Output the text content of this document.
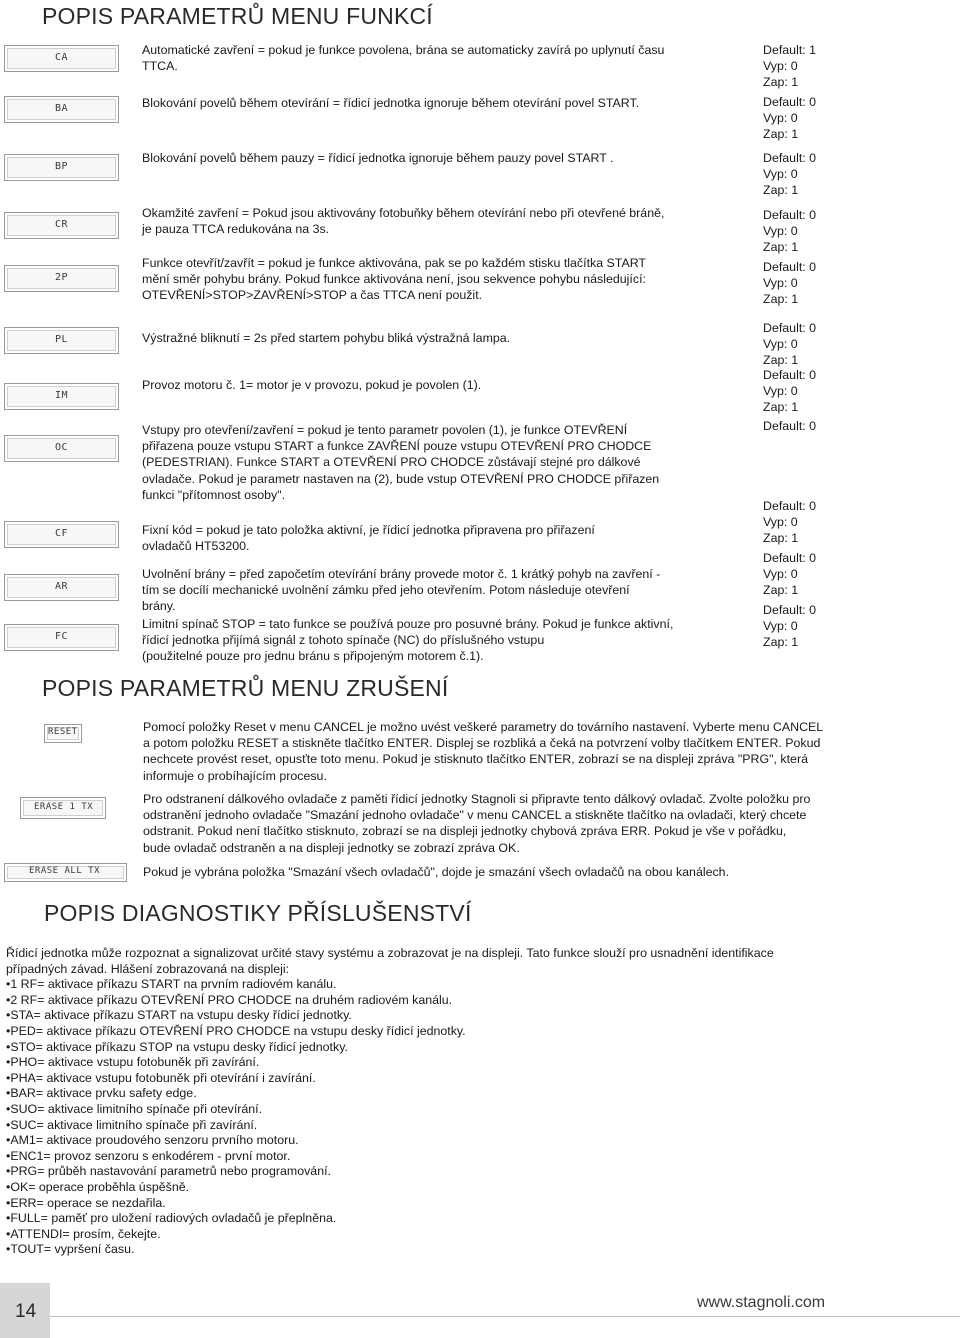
POPIS PARAMETRŮ MENU FUNKCÍ
POPIS PARAMETRŮ MENU ZRUŠENÍ
POPIS DIAGNOSTIKY PŘÍSLUŠENSTVÍ
CA
BA
BP
CR
2P
PL
IM
OC
CF
AR
FC
Automatické zavření = pokud je funkce povolena, brána se automaticky zavírá po uplynutí času
TTCA.
Blokování povelů během otevírání = řídicí jednotka ignoruje během otevírání povel START.
Blokování povelů během pauzy = řídicí jednotka ignoruje během pauzy povel START .
Okamžité zavření = Pokud jsou aktivovány fotobuňky během otevírání nebo při otevřené bráně,
je pauza TTCA redukována na 3s.
Funkce otevřít/zavřít = pokud je funkce aktivována, pak se po každém stisku tlačítka START
mění směr pohybu brány. Pokud funkce aktivována není, jsou sekvence pohybu následující:
OTEVŘENÍ>STOP>ZAVŘENÍ>STOP a čas TTCA není použit.
Výstražné bliknutí = 2s před startem pohybu bliká výstražná lampa.
Provoz motoru č. 1= motor je v provozu, pokud je povolen (1).
Vstupy pro otevření/zavření = pokud je tento parametr povolen (1), je funkce OTEVŘENÍ
přiřazena pouze vstupu START a funkce ZAVŘENÍ pouze vstupu OTEVŘENÍ PRO CHODCE
(PEDESTRIAN). Funkce START a OTEVŘENÍ PRO CHODCE zůstávají stejné pro dálkové
ovladače. Pokud je parametr nastaven na (2), bude vstup OTEVŘENÍ PRO CHODCE přiřazen
funkci "přítomnost osoby".
Fixní kód = pokud je tato položka aktivní, je řídicí jednotka připravena pro přiřazení
ovladačů HT53200.
Uvolnění brány = před započetím otevírání brány provede motor č. 1 krátký pohyb na zavření -
tím se docílí mechanické uvolnění zámku před jeho otevřením. Potom následuje otevření
brány.
Limitní spínač STOP = tato funkce se používá pouze pro posuvné brány. Pokud je funkce aktivní,
řídicí jednotka přijímá signál z tohoto spínače (NC) do příslušného vstupu
(použitelné pouze pro jednu bránu s připojeným motorem č.1).
Default: 1
Vyp: 0
Zap: 1
Default: 0
Vyp: 0
Zap: 1
Default: 0
Vyp: 0
Zap: 1
Default: 0
Vyp: 0
Zap: 1
Default: 0
Vyp: 0
Zap: 1
Default: 0
Vyp: 0
Zap: 1
Default: 0
Vyp: 0
Zap: 1
Default: 0
Default: 0
Vyp: 0
Zap: 1
Default: 0
Vyp: 0
Zap: 1
Default: 0
Vyp: 0
Zap: 1
RESET
ERASE 1 TX
ERASE ALL TX
Pomocí položky Reset v menu CANCEL je možno uvést veškeré parametry do továrního nastavení. Vyberte menu CANCEL
a potom položku RESET a stiskněte tlačítko ENTER. Displej se rozbliká a čeká na potvrzení volby tlačítkem ENTER. Pokud
nechcete provést reset, opusťte toto menu. Pokud je stisknuto tlačítko ENTER, zobrazí se na displeji zpráva "PRG", která
informuje o probíhajícím procesu.
Pro odstranení dálkového ovladače z paměti řídicí jednotky Stagnoli si připravte tento dálkový ovladač. Zvolte položku pro
odstranění jednoho ovladače "Smazání jednoho ovladače" v menu CANCEL a stiskněte tlačítko na ovladači, který chcete
odstranit. Pokud není tlačítko stisknuto, zobrazí se na displeji jednotky chybová zpráva ERR. Pokud je vše v pořádku,
bude ovladač odstraněn a na displeji jednotky se zobrazí zpráva OK.
Pokud je vybrána položka "Smazání všech ovladačů", dojde je smazání všech ovladačů na obou kanálech.
Řídicí jednotka může rozpoznat a signalizovat určité stavy systému a zobrazovat je na displeji. Tato funkce slouží pro usnadnění identifikace
případných závad. Hlášení zobrazovaná na displeji:
•1 RF= aktivace příkazu START na prvním radiovém kanálu.
•2 RF= aktivace příkazu OTEVŘENÍ PRO CHODCE na druhém radiovém kanálu.
•STA= aktivace příkazu START na vstupu desky řídicí jednotky.
•PED= aktivace příkazu OTEVŘENÍ PRO CHODCE na vstupu desky řídicí jednotky.
•STO= aktivace příkazu STOP na vstupu desky řídicí jednotky.
•PHO= aktivace vstupu fotobuněk při zavírání.
•PHA= aktivace vstupu fotobuněk při otevírání i zavírání.
•BAR= aktivace prvku safety edge.
•SUO= aktivace limitního spínače při otevírání.
•SUC= aktivace limitního spínače při zavírání.
•AM1= aktivace proudového senzoru prvního motoru.
•ENC1= provoz senzoru s enkodérem - první motor.
•PRG= průběh nastavování parametrů nebo programování.
•OK= operace proběhla úspěšně.
•ERR= operace se nezdařila.
•FULL= paměť pro uložení radiových ovladačů je přeplněna.
•ATTENDI= prosím, čekejte.
•TOUT= vypršení času.
14	www.stagnoli.com
